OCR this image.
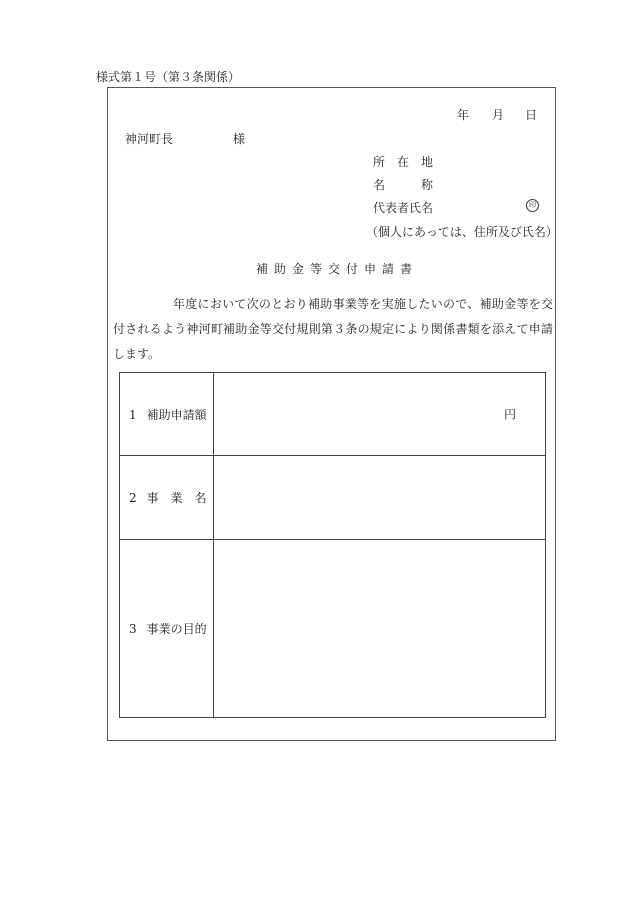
様式第１号（第３条関係）
年 月 日
神河町長	様
所　在　地
名　　　称
代表者氏名	印
（個人にあっては、住所及び氏名）
補助金等交付申請書
年度において次のとおり補助事業等を実施したいので、補助金等を交付されるよう神河町補助金等交付規則第３条の規定により関係書類を添えて申請します。
1 補助申請額	円

2 事　業　名	
3 事業の目的	
